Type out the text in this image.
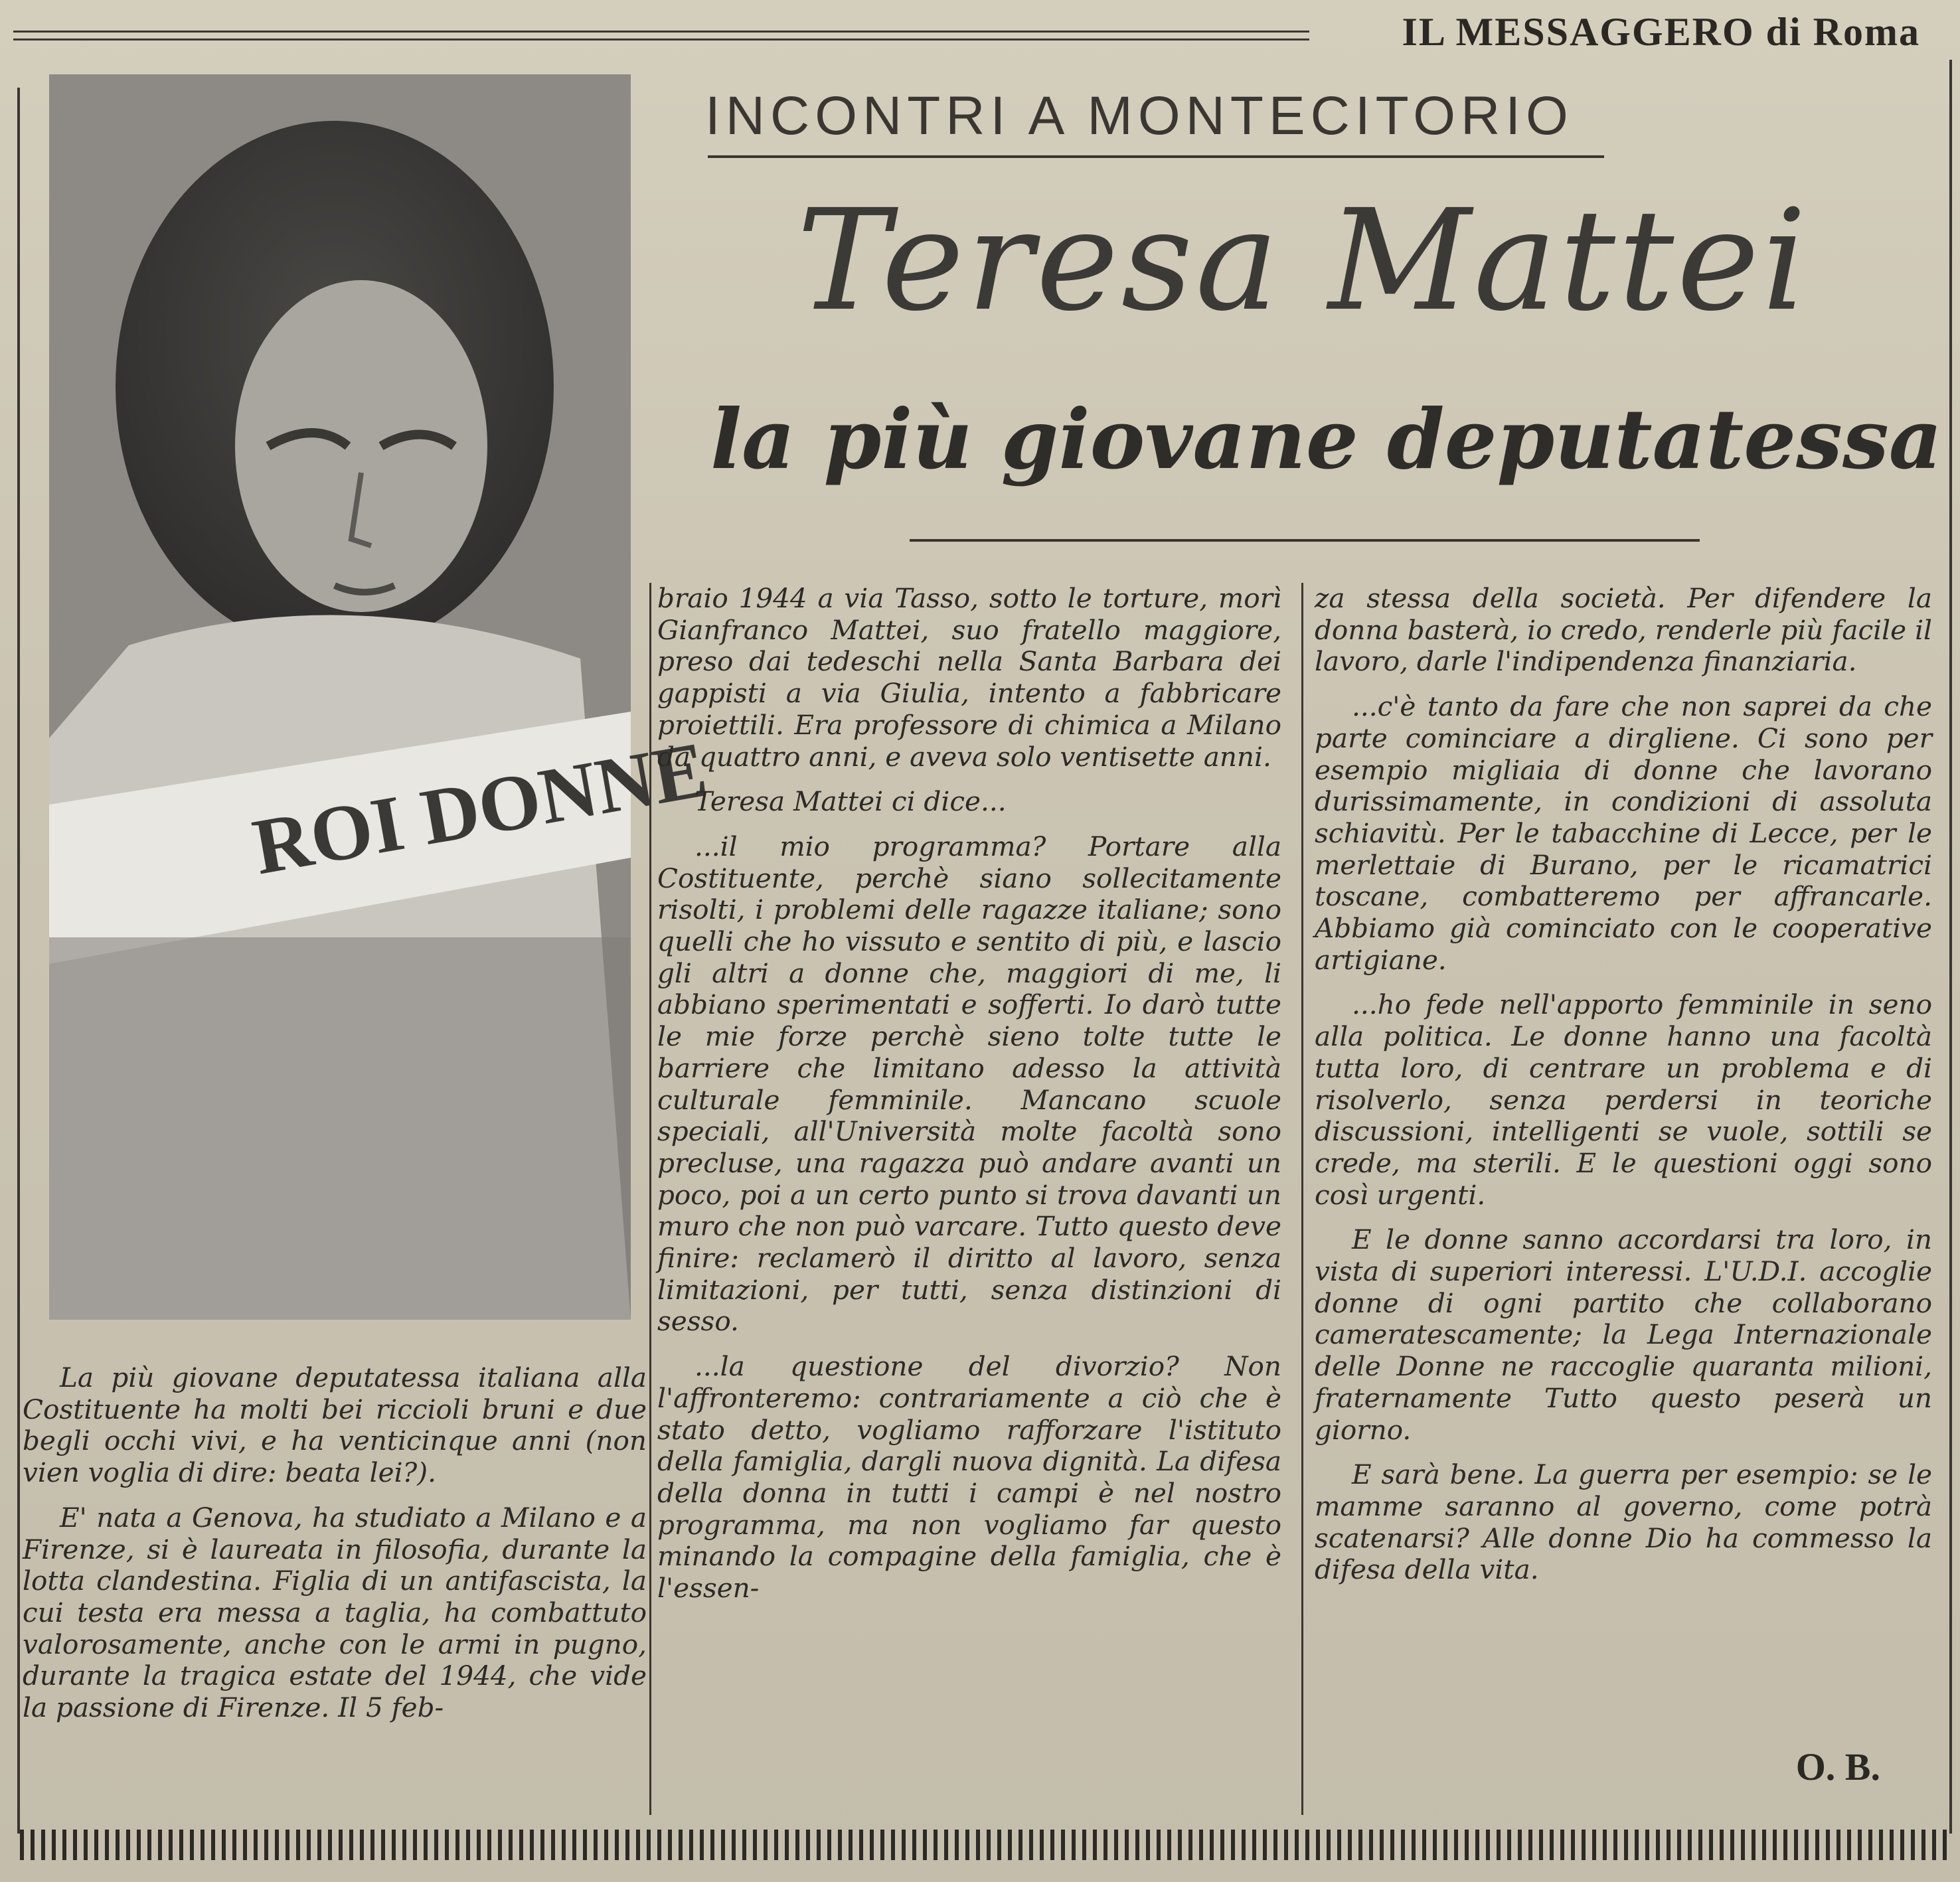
IL MESSAGGERO di Roma
ROI DONNE
INCONTRI A MONTECITORIO
Teresa Mattei
la più giovane deputatessa

La più giovane deputatessa italiana alla Costituente ha molti bei riccioli bruni e due begli occhi vivi, e ha venticinque anni (non vien voglia di dire: beata lei?).

E' nata a Genova, ha studiato a Milano e a Firenze, si è laureata in filosofia, durante la lotta clandestina. Figlia di un antifascista, la cui testa era messa a taglia, ha combattuto valorosamente, anche con le armi in pugno, durante la tragica estate del 1944, che vide la passione di Firenze. Il 5 feb-

braio 1944 a via Tasso, sotto le torture, morì Gianfranco Mattei, suo fratello maggiore, preso dai tedeschi nella Santa Barbara dei gappisti a via Giulia, intento a fabbricare proiettili. Era professore di chimica a Milano da quattro anni, e aveva solo ventisette anni.

Teresa Mattei ci dice...

...il mio programma? Portare alla Costituente, perchè siano sollecitamente risolti, i problemi delle ragazze italiane; sono quelli che ho vissuto e sentito di più, e lascio gli altri a donne che, maggiori di me, li abbiano sperimentati e sofferti. Io darò tutte le mie forze perchè sieno tolte tutte le barriere che limitano adesso la attività culturale femminile. Mancano scuole speciali, all'Università molte facoltà sono precluse, una ragazza può andare avanti un poco, poi a un certo punto si trova davanti un muro che non può varcare. Tutto questo deve finire: reclamerò il diritto al lavoro, senza limitazioni, per tutti, senza distinzioni di sesso.

...la questione del divorzio? Non l'affronteremo: contrariamente a ciò che è stato detto, vogliamo rafforzare l'istituto della famiglia, dargli nuova dignità. La difesa della donna in tutti i campi è nel nostro programma, ma non vogliamo far questo minando la compagine della famiglia, che è l'essen-

za stessa della società. Per difendere la donna basterà, io credo, renderle più facile il lavoro, darle l'indipendenza finanziaria.

...c'è tanto da fare che non saprei da che parte cominciare a dirgliene. Ci sono per esempio migliaia di donne che lavorano durissimamente, in condizioni di assoluta schiavitù. Per le tabacchine di Lecce, per le merlettaie di Burano, per le ricamatrici toscane, combatteremo per affrancarle. Abbiamo già cominciato con le cooperative artigiane.

...ho fede nell'apporto femminile in seno alla politica. Le donne hanno una facoltà tutta loro, di centrare un problema e di risolverlo, senza perdersi in teoriche discussioni, intelligenti se vuole, sottili se crede, ma sterili. E le questioni oggi sono così urgenti.

E le donne sanno accordarsi tra loro, in vista di superiori interessi. L'U.D.I. accoglie donne di ogni partito che collaborano cameratescamente; la Lega Internazionale delle Donne ne raccoglie quaranta milioni, fraternamente Tutto questo peserà un giorno.

E sarà bene. La guerra per esempio: se le mamme saranno al governo, come potrà scatenarsi? Alle donne Dio ha commesso la difesa della vita.

O. B.
